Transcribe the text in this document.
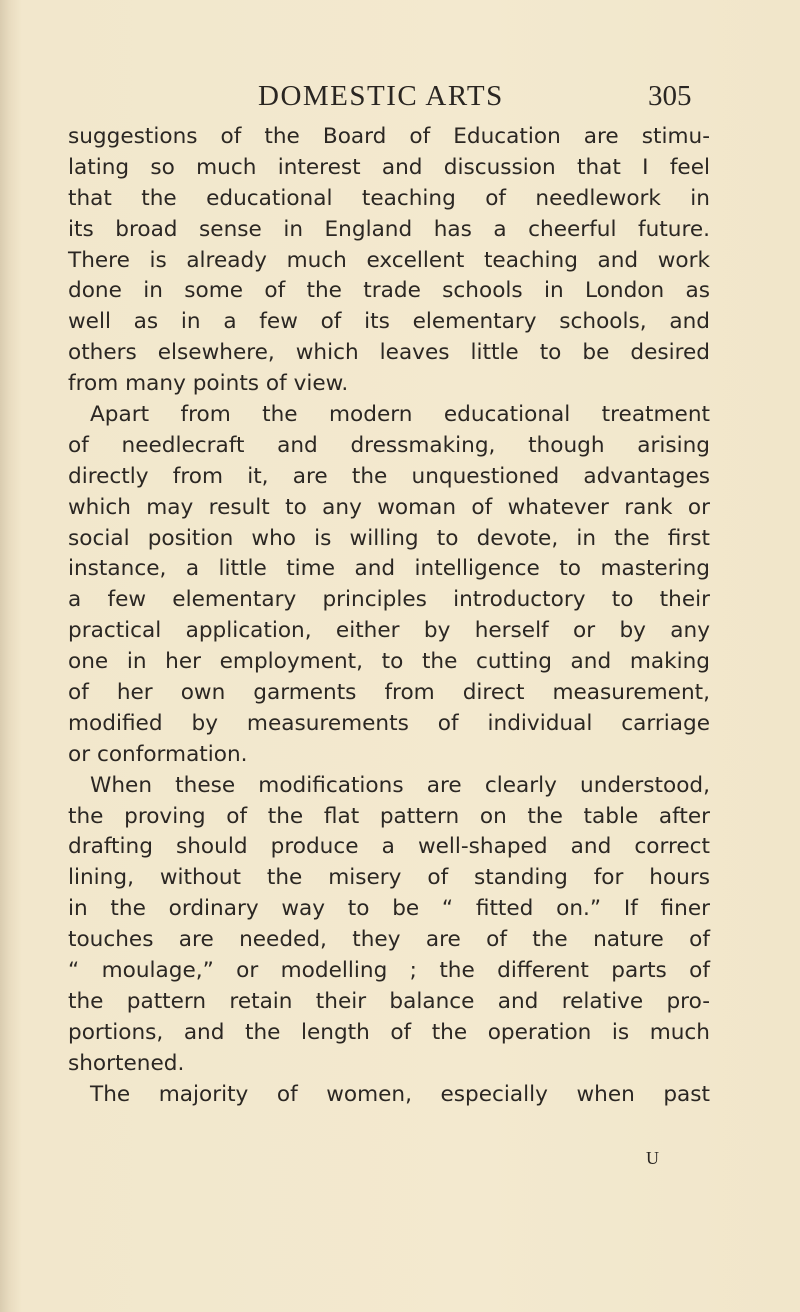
DOMESTIC ARTS	305
suggestions of the Board of Education are stimu-
lating so much interest and discussion that I feel
that the educational teaching of needlework in
its broad sense in England has a cheerful future.
There is already much excellent teaching and work
done in some of the trade schools in London as
well as in a few of its elementary schools, and
others elsewhere, which leaves little to be desired
from many points of view.
Apart from the modern educational treatment
of needlecraft and dressmaking, though arising
directly from it, are the unquestioned advantages
which may result to any woman of whatever rank or
social position who is willing to devote, in the first
instance, a little time and intelligence to mastering
a few elementary principles introductory to their
practical application, either by herself or by any
one in her employment, to the cutting and making
of her own garments from direct measurement,
modified by measurements of individual carriage
or conformation.
When these modifications are clearly understood,
the proving of the flat pattern on the table after
drafting should produce a well-shaped and correct
lining, without the misery of standing for hours
in the ordinary way to be “ fitted on.” If finer
touches are needed, they are of the nature of
“ moulage,” or modelling ; the different parts of
the pattern retain their balance and relative pro-
portions, and the length of the operation is much
shortened.
The majority of women, especially when past
U
